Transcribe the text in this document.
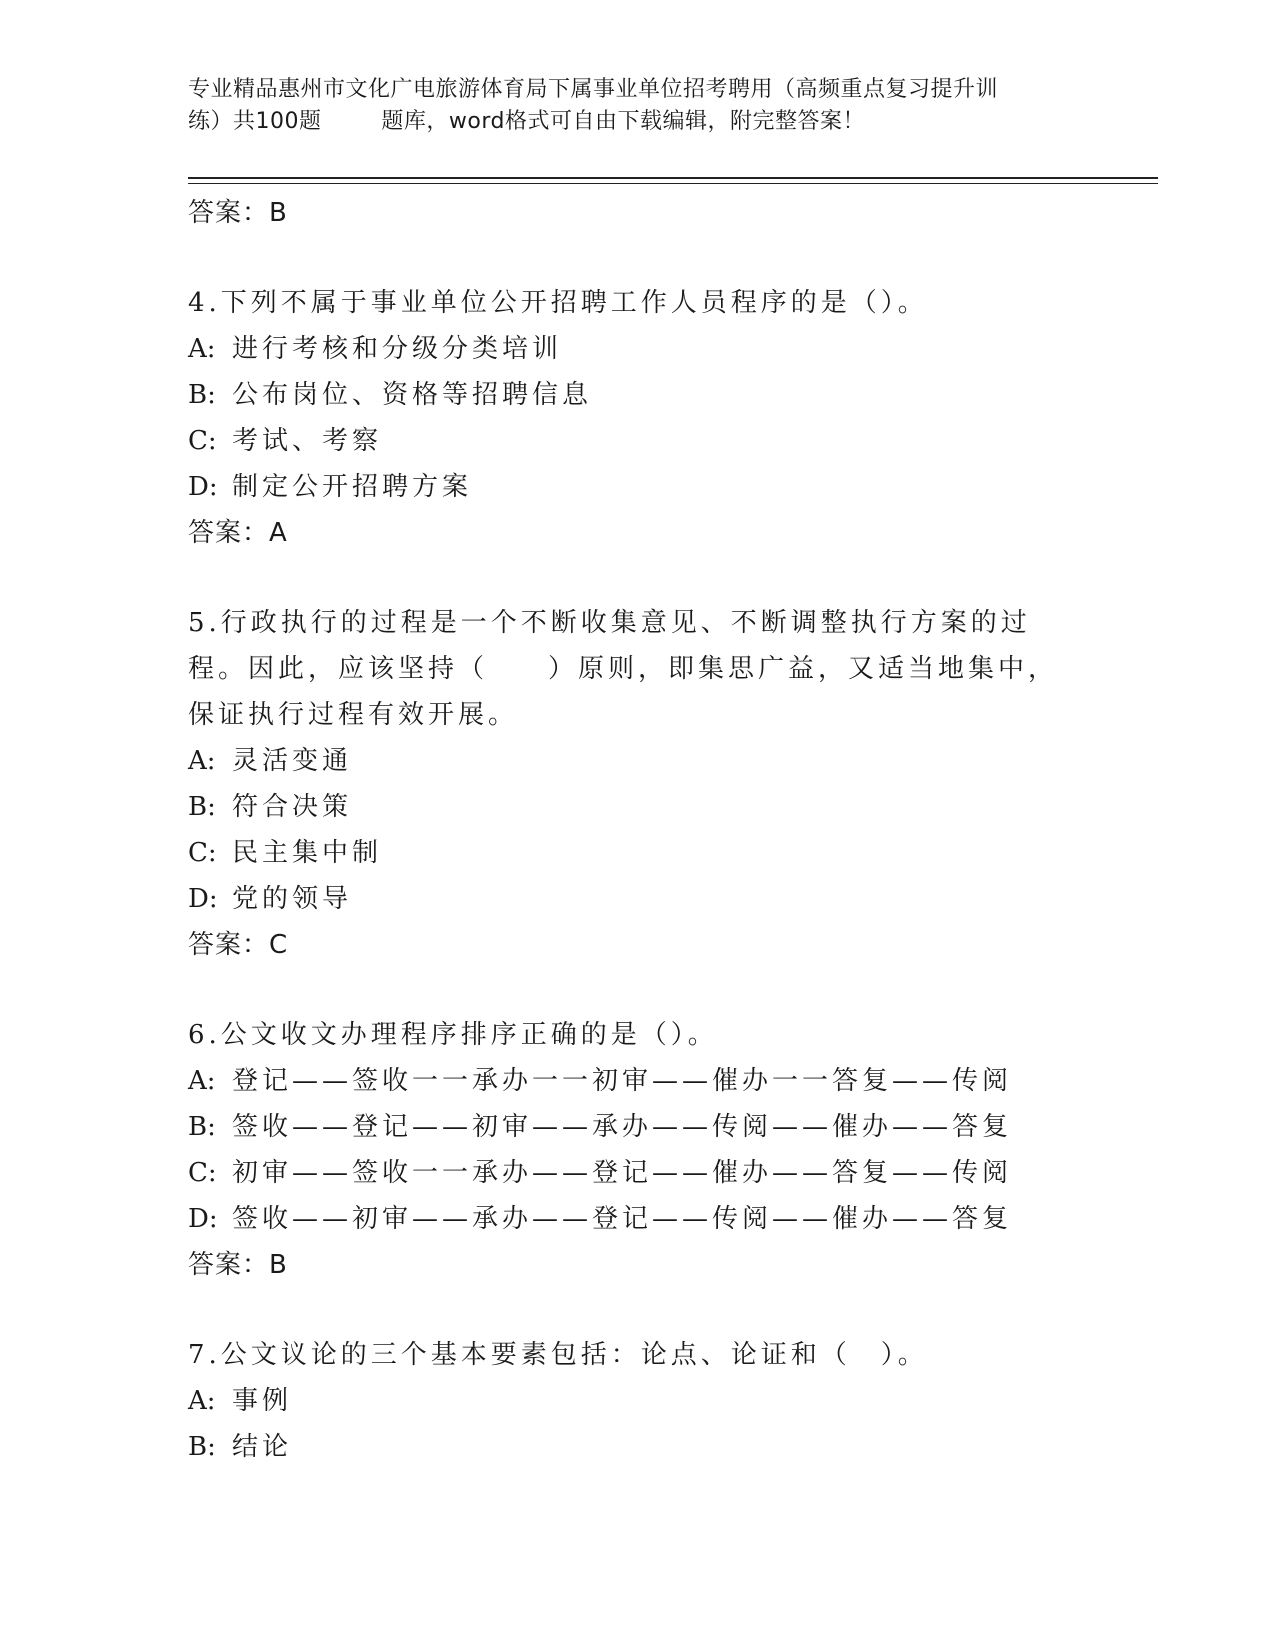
专业精品惠州市文化广电旅游体育局下属事业单位招考聘用（高频重点复习提升训
练）共100题        题库，word格式可自由下载编辑，附完整答案！
答案：B
4.下列不属于事业单位公开招聘工作人员程序的是（）。
A: 进行考核和分级分类培训
B: 公布岗位、资格等招聘信息
C: 考试、考察
D: 制定公开招聘方案
答案：A
5.行政执行的过程是一个不断收集意见、不断调整执行方案的过程。因此，应该坚持（　　）原则，即集思广益，又适当地集中，保证执行过程有效开展。
A: 灵活变通
B: 符合决策
C: 民主集中制
D: 党的领导
答案：C
6.公文收文办理程序排序正确的是（）。
A: 登记——签收一一承办一一初审——催办一一答复——传阅
B: 签收——登记——初审——承办——传阅——催办——答复
C: 初审——签收一一承办——登记——催办——答复——传阅
D: 签收——初审——承办——登记——传阅——催办——答复
答案：B
7.公文议论的三个基本要素包括：论点、论证和（　）。
A: 事例
B: 结论
